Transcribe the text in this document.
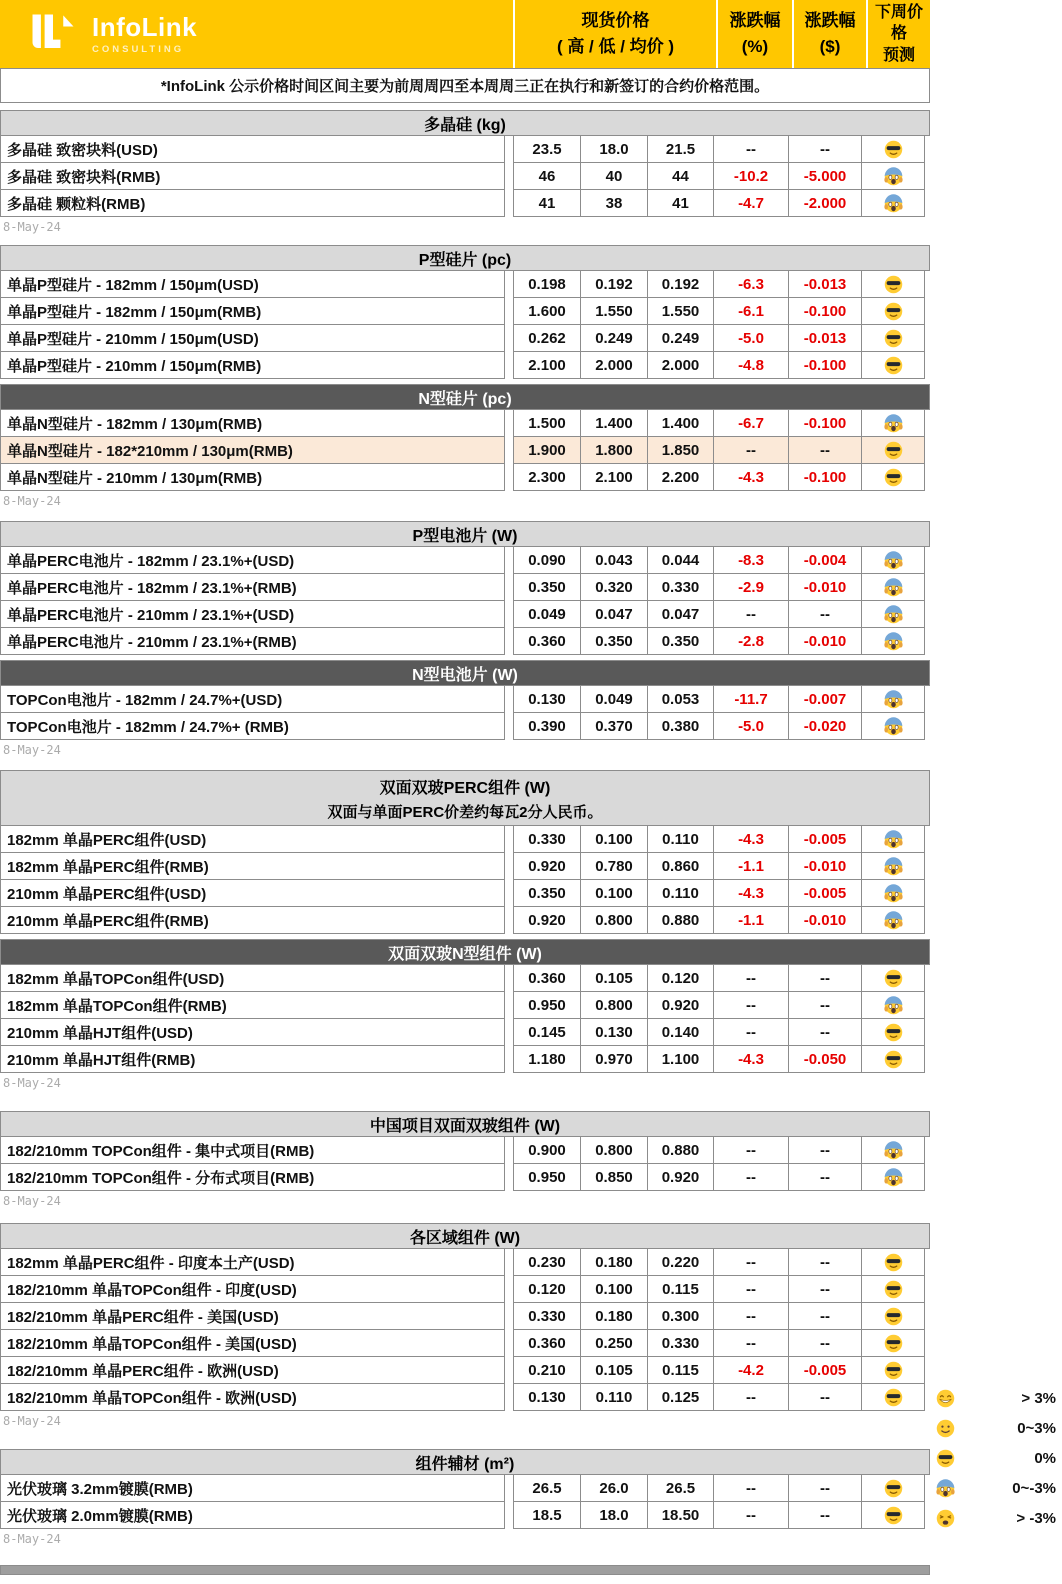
InfoLink
CONSULTING
现货价格
( 高 / 低 / 均价 )
涨跌幅
(%)
涨跌幅
($)
下周价格
预测
*InfoLink 公示价格时间区间主要为前周周四至本周周三正在执行和新签订的合约价格范围。
多晶硅 (kg)
多晶硅 致密块料(USD)	23.5	18.0	21.5	--	--
多晶硅 致密块料(RMB)	46	40	44	-10.2	-5.000
多晶硅 颗粒料(RMB)	41	38	41	-4.7	-2.000
8-May-24
P型硅片 (pc)
单晶P型硅片 - 182mm / 150μm(USD)	0.198	0.192	0.192	-6.3	-0.013
单晶P型硅片 - 182mm / 150μm(RMB)	1.600	1.550	1.550	-6.1	-0.100
单晶P型硅片 - 210mm / 150μm(USD)	0.262	0.249	0.249	-5.0	-0.013
单晶P型硅片 - 210mm / 150μm(RMB)	2.100	2.000	2.000	-4.8	-0.100
N型硅片 (pc)
单晶N型硅片 - 182mm / 130μm(RMB)	1.500	1.400	1.400	-6.7	-0.100
单晶N型硅片 - 182*210mm / 130μm(RMB)	1.900	1.800	1.850	--	--
单晶N型硅片 - 210mm / 130μm(RMB)	2.300	2.100	2.200	-4.3	-0.100
8-May-24
P型电池片 (W)
单晶PERC电池片 - 182mm / 23.1%+(USD)	0.090	0.043	0.044	-8.3	-0.004
单晶PERC电池片 - 182mm / 23.1%+(RMB)	0.350	0.320	0.330	-2.9	-0.010
单晶PERC电池片 - 210mm / 23.1%+(USD)	0.049	0.047	0.047	--	--
单晶PERC电池片 - 210mm / 23.1%+(RMB)	0.360	0.350	0.350	-2.8	-0.010
N型电池片 (W)
TOPCon电池片 - 182mm / 24.7%+(USD)	0.130	0.049	0.053	-11.7	-0.007
TOPCon电池片 - 182mm / 24.7%+ (RMB)	0.390	0.370	0.380	-5.0	-0.020
8-May-24
双面双玻PERC组件 (W)
双面与单面PERC价差约每瓦2分人民币。
182mm 单晶PERC组件(USD)	0.330	0.100	0.110	-4.3	-0.005
182mm 单晶PERC组件(RMB)	0.920	0.780	0.860	-1.1	-0.010
210mm 单晶PERC组件(USD)	0.350	0.100	0.110	-4.3	-0.005
210mm 单晶PERC组件(RMB)	0.920	0.800	0.880	-1.1	-0.010
双面双玻N型组件 (W)
182mm 单晶TOPCon组件(USD)	0.360	0.105	0.120	--	--
182mm 单晶TOPCon组件(RMB)	0.950	0.800	0.920	--	--
210mm 单晶HJT组件(USD)	0.145	0.130	0.140	--	--
210mm 单晶HJT组件(RMB)	1.180	0.970	1.100	-4.3	-0.050
8-May-24
中国项目双面双玻组件 (W)
182/210mm TOPCon组件 - 集中式项目(RMB)	0.900	0.800	0.880	--	--
182/210mm TOPCon组件 - 分布式项目(RMB)	0.950	0.850	0.920	--	--
8-May-24
各区域组件 (W)
182mm 单晶PERC组件 - 印度本土产(USD)	0.230	0.180	0.220	--	--
182/210mm 单晶TOPCon组件 - 印度(USD)	0.120	0.100	0.115	--	--
182/210mm 单晶PERC组件 - 美国(USD)	0.330	0.180	0.300	--	--
182/210mm 单晶TOPCon组件 - 美国(USD)	0.360	0.250	0.330	--	--
182/210mm 单晶PERC组件 - 欧洲(USD)	0.210	0.105	0.115	-4.2	-0.005
182/210mm 单晶TOPCon组件 - 欧洲(USD)	0.130	0.110	0.125	--	--
8-May-24
组件辅材 (m²)
光伏玻璃 3.2mm镀膜(RMB)	26.5	26.0	26.5	--	--
光伏玻璃 2.0mm镀膜(RMB)	18.5	18.0	18.50	--	--
8-May-24
> 3%
0~3%
0%
0~-3%
> -3%
